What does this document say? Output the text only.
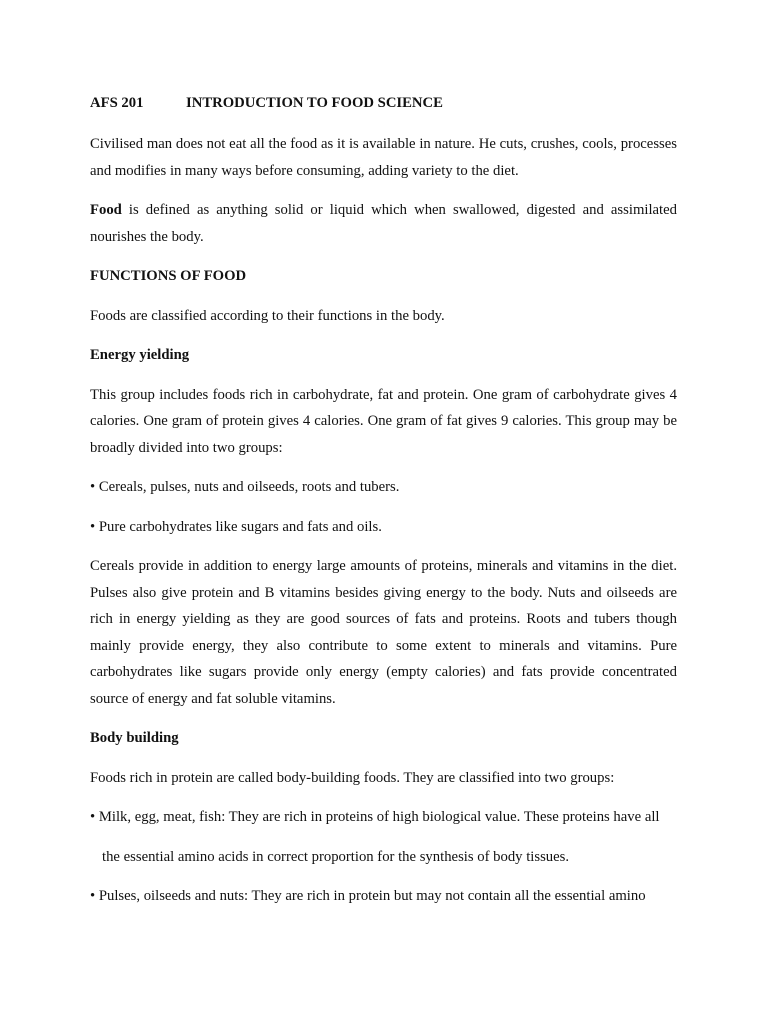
AFS 201	INTRODUCTION TO FOOD SCIENCE

Civilised man does not eat all the food as it is available in nature. He cuts, crushes, cools, processes and modifies in many ways before consuming, adding variety to the diet.

Food is defined as anything solid or liquid which when swallowed, digested and assimilated nourishes the body.

FUNCTIONS OF FOOD

Foods are classified according to their functions in the body.

Energy yielding

This group includes foods rich in carbohydrate, fat and protein. One gram of carbohydrate gives 4 calories. One gram of protein gives 4 calories. One gram of fat gives 9 calories. This group may be broadly divided into two groups:

• Cereals, pulses, nuts and oilseeds, roots and tubers.
• Pure carbohydrates like sugars and fats and oils.

Cereals provide in addition to energy large amounts of proteins, minerals and vitamins in the diet. Pulses also give protein and B vitamins besides giving energy to the body. Nuts and oilseeds are rich in energy yielding as they are good sources of fats and proteins. Roots and tubers though mainly provide energy, they also contribute to some extent to minerals and vitamins. Pure carbohydrates like sugars provide only energy (empty calories) and fats provide concentrated source of energy and fat soluble vitamins.

Body building

Foods rich in protein are called body-building foods. They are classified into two groups:

• Milk, egg, meat, fish: They are rich in proteins of high biological value. These proteins have all
the essential amino acids in correct proportion for the synthesis of body tissues.
• Pulses, oilseeds and nuts: They are rich in protein but may not contain all the essential amino
